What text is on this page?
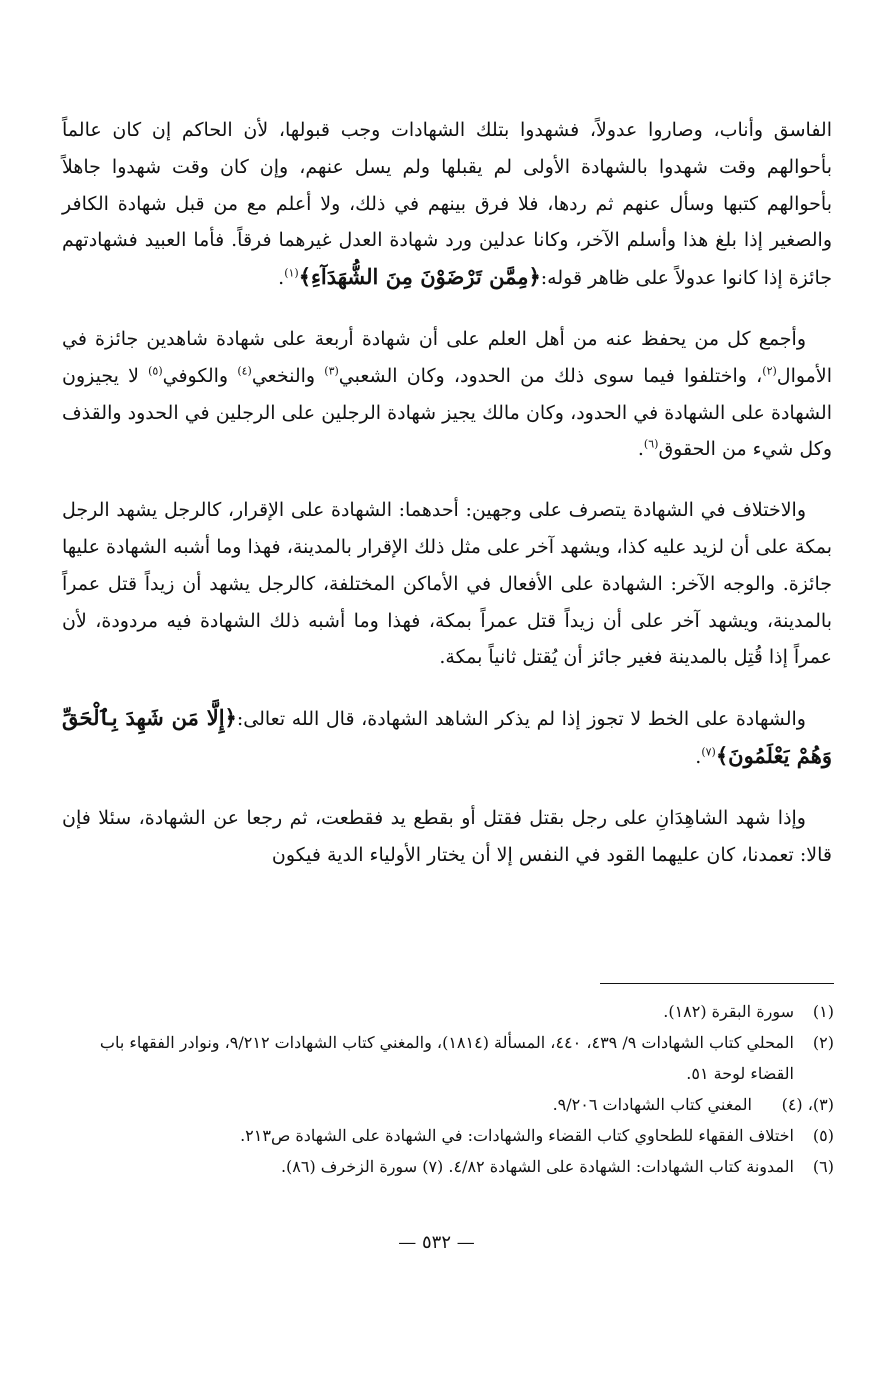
الفاسق وأناب، وصاروا عدولاً، فشهدوا بتلك الشهادات وجب قبولها، لأن الحاكم إن كان عالماً بأحوالهم وقت شهدوا بالشهادة الأولى لم يقبلها ولم يسل عنهم، وإن كان وقت شهدوا جاهلاً بأحوالهم كتبها وسأل عنهم ثم ردها، فلا فرق بينهم في ذلك، ولا أعلم مع من قبل شهادة الكافر والصغير إذا بلغ هذا وأسلم الآخر، وكانا عدلين ورد شهادة العدل غيرهما فرقاً. فأما العبيد فشهادتهم جائزة إذا كانوا عدولاً على ظاهر قوله:﴿مِمَّن تَرْضَوْنَ مِنَ الشُّهَدَآءِ﴾$^{(١)}$.

وأجمع كل من يحفظ عنه من أهل العلم على أن شهادة أربعة على شهادة شاهدين جائزة في الأموال$^{(٢)}$، واختلفوا فيما سوى ذلك من الحدود، وكان الشعبي$^{(٣)}$ والنخعي$^{(٤)}$ والكوفي$^{(٥)}$ لا يجيزون الشهادة على الشهادة في الحدود، وكان مالك يجيز شهادة الرجلين على الرجلين في الحدود والقذف وكل شيء من الحقوق$^{(٦)}$.

والاختلاف في الشهادة يتصرف على وجهين: أحدهما: الشهادة على الإقرار، كالرجل يشهد الرجل بمكة على أن لزيد عليه كذا، ويشهد آخر على مثل ذلك الإقرار بالمدينة، فهذا وما أشبه الشهادة عليها جائزة. والوجه الآخر: الشهادة على الأفعال في الأماكن المختلفة، كالرجل يشهد أن زيداً قتل عمراً بالمدينة، ويشهد آخر على أن زيداً قتل عمراً بمكة، فهذا وما أشبه ذلك الشهادة فيه مردودة، لأن عمراً إذا قُتِل بالمدينة فغير جائز أن يُقتل ثانياً بمكة.

والشهادة على الخط لا تجوز إذا لم يذكر الشاهد الشهادة، قال الله تعالى:﴿إِلَّا مَن شَهِدَ بِٱلْحَقِّ وَهُمْ يَعْلَمُونَ﴾$^{(٧)}$.

وإذا شهد الشاهِدَانِ على رجل بقتل فقتل أو بقطع يد فقطعت، ثم رجعا عن الشهادة، سئلا فإن قالا: تعمدنا، كان عليهما القود في النفس إلا أن يختار الأولياء الدية فيكون

(١)
سورة البقرة (١٨٢).
(٢)
المحلي كتاب الشهادات ٩/ ٤٣٩، ٤٤٠، المسألة (١٨١٤)، والمغني كتاب الشهادات ٩/٢١٢، ونوادر الفقهاء باب القضاء لوحة ٥١.
(٣)، (٤)
المغني كتاب الشهادات ٩/٢٠٦.
(٥)
اختلاف الفقهاء للطحاوي كتاب القضاء والشهادات: في الشهادة على الشهادة ص٢١٣.
(٦)
المدونة كتاب الشهادات: الشهادة على الشهادة ٤/٨٢. (٧) سورة الزخرف (٨٦).
— ٥٣٢ —
